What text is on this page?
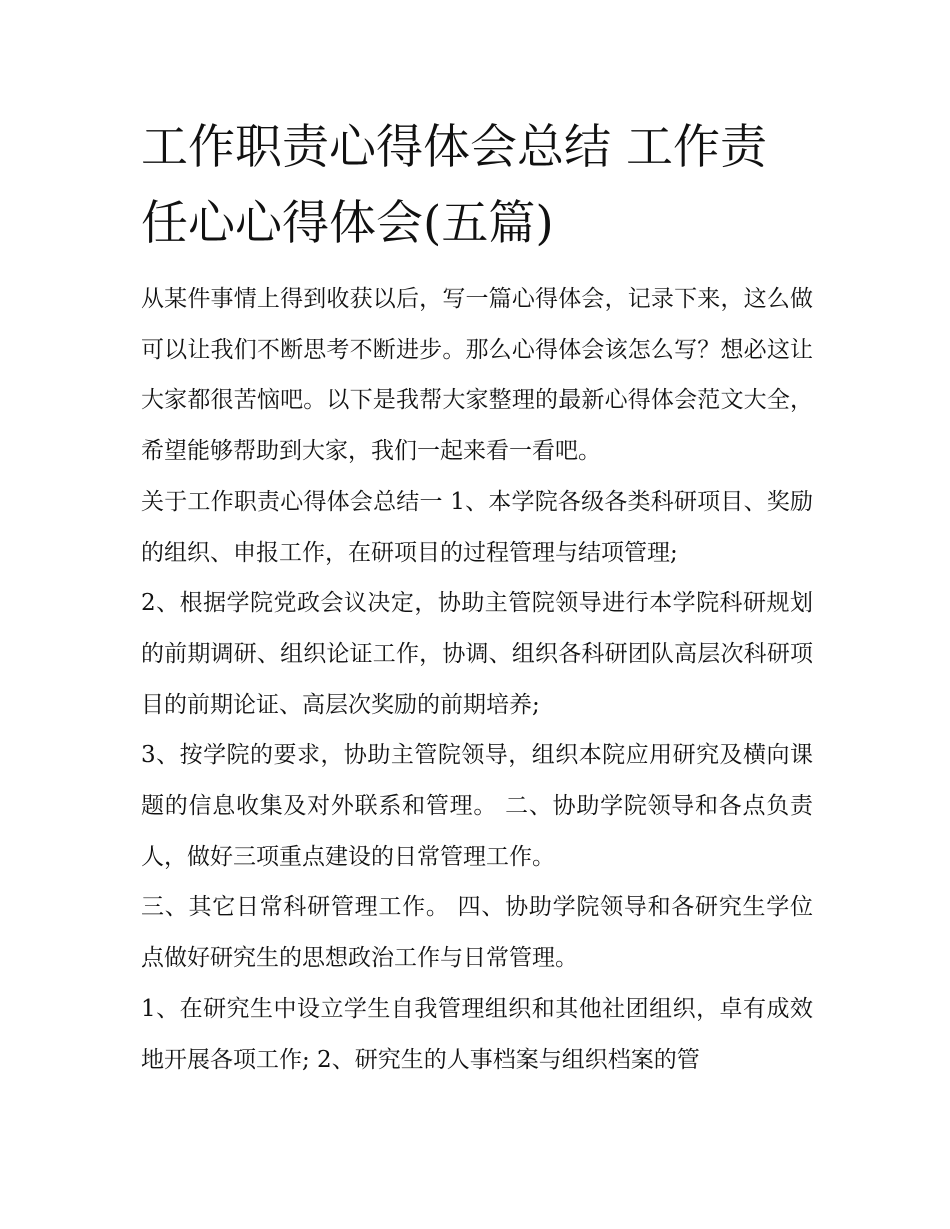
工作职责心得体会总结 工作责任心心得体会(五篇)

从某件事情上得到收获以后，写一篇心得体会，记录下来，这么做可以让我们不断思考不断进步。那么心得体会该怎么写？想必这让大家都很苦恼吧。以下是我帮大家整理的最新心得体会范文大全，希望能够帮助到大家，我们一起来看一看吧。

关于工作职责心得体会总结一 1、本学院各级各类科研项目、奖励的组织、申报工作，在研项目的过程管理与结项管理;

2、根据学院党政会议决定，协助主管院领导进行本学院科研规划的前期调研、组织论证工作，协调、组织各科研团队高层次科研项目的前期论证、高层次奖励的前期培养;

3、按学院的要求，协助主管院领导，组织本院应用研究及横向课题的信息收集及对外联系和管理。 二、协助学院领导和各点负责人，做好三项重点建设的日常管理工作。

三、其它日常科研管理工作。 四、协助学院领导和各研究生学位点做好研究生的思想政治工作与日常管理。

1、在研究生中设立学生自我管理组织和其他社团组织，卓有成效地开展各项工作; 2、研究生的人事档案与组织档案的管
